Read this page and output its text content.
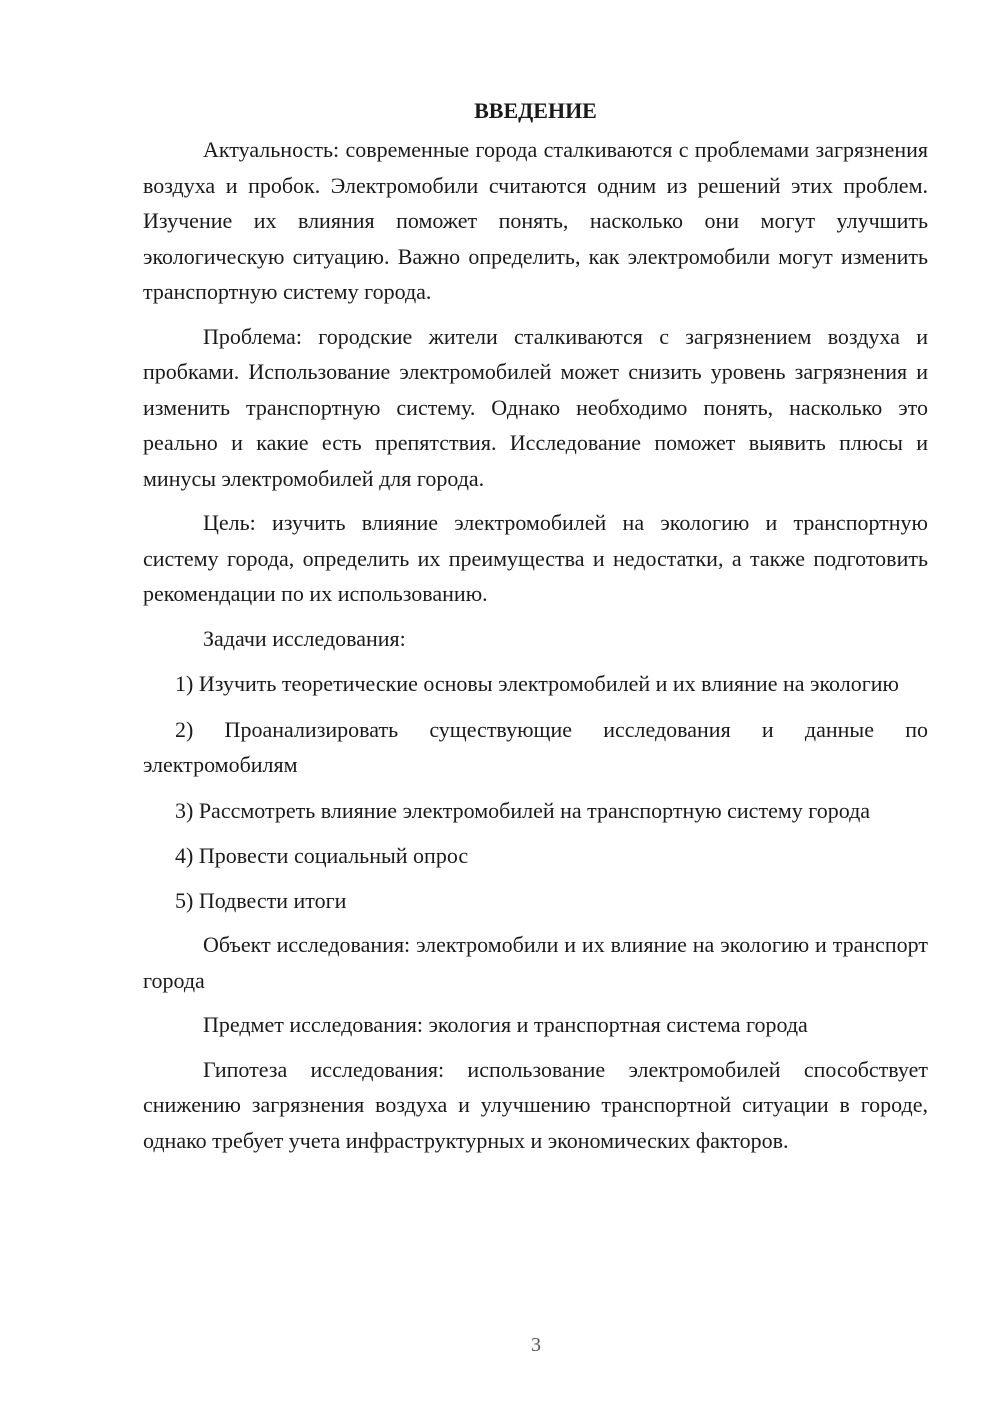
ВВЕДЕНИЕ

Актуальность: современные города сталкиваются с проблемами загрязнения воздуха и пробок. Электромобили считаются одним из решений этих проблем. Изучение их влияния поможет понять, насколько они могут улучшить экологическую ситуацию. Важно определить, как электромобили могут изменить транспортную систему города.

Проблема: городские жители сталкиваются с загрязнением воздуха и пробками. Использование электромобилей может снизить уровень загрязнения и изменить транспортную систему. Однако необходимо понять, насколько это реально и какие есть препятствия. Исследование поможет выявить плюсы и минусы электромобилей для города.

Цель: изучить влияние электромобилей на экологию и транспортную систему города, определить их преимущества и недостатки, а также подготовить рекомендации по их использованию.

Задачи исследования:

1) Изучить теоретические основы электромобилей и их влияние на экологию

2) Проанализировать существующие исследования и данные по электромобилям

3) Рассмотреть влияние электромобилей на транспортную систему города

4) Провести социальный опрос

5) Подвести итоги

Объект исследования: электромобили и их влияние на экологию и транспорт города

Предмет исследования: экология и транспортная система города

Гипотеза исследования: использование электромобилей способствует снижению загрязнения воздуха и улучшению транспортной ситуации в городе, однако требует учета инфраструктурных и экономических факторов.

3
